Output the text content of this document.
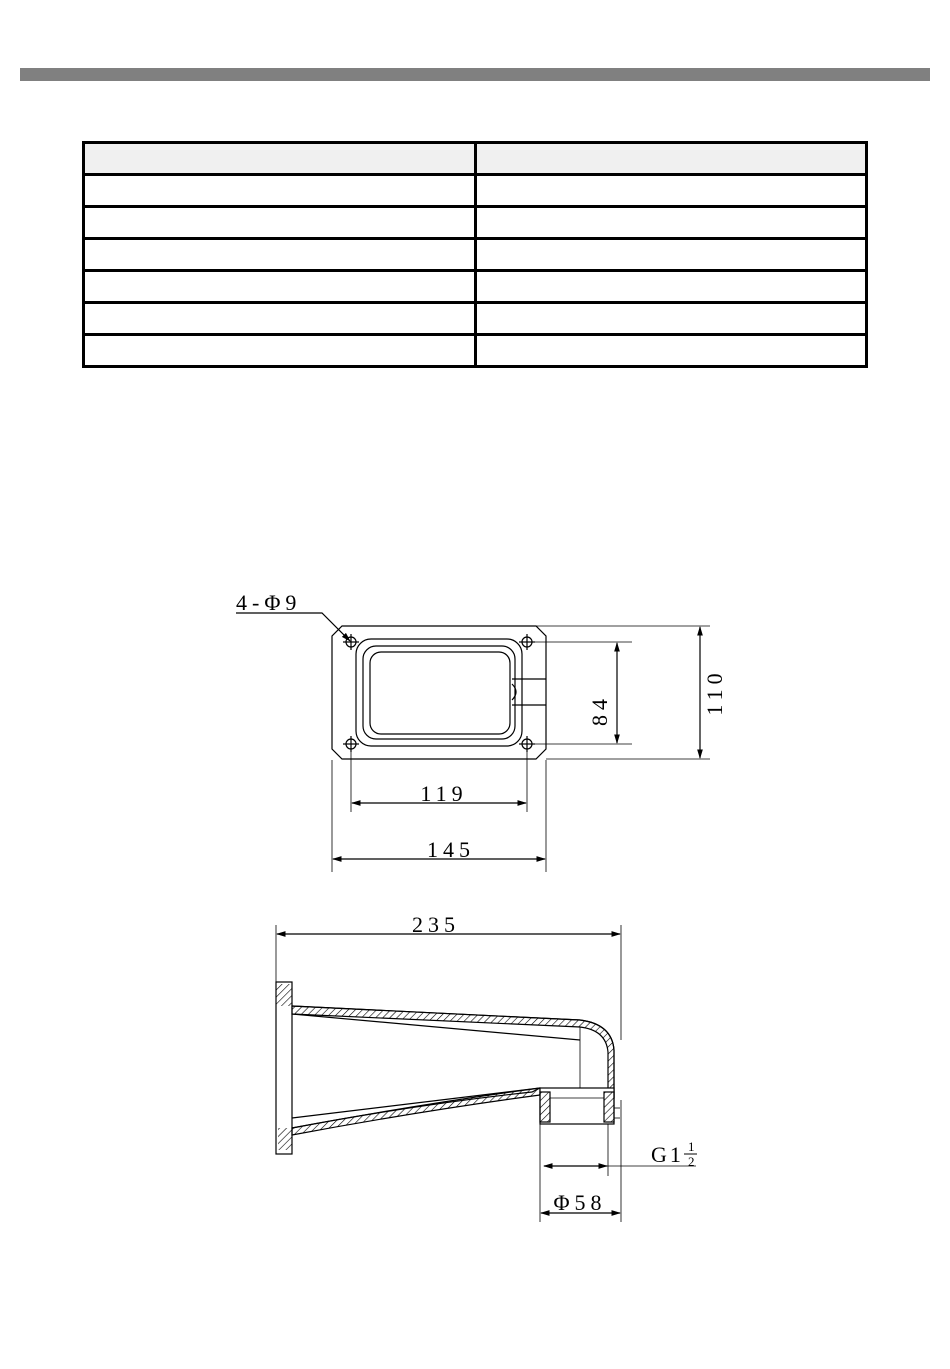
4-Φ9
84	110
119
145
235
G1 1
2
Φ58
